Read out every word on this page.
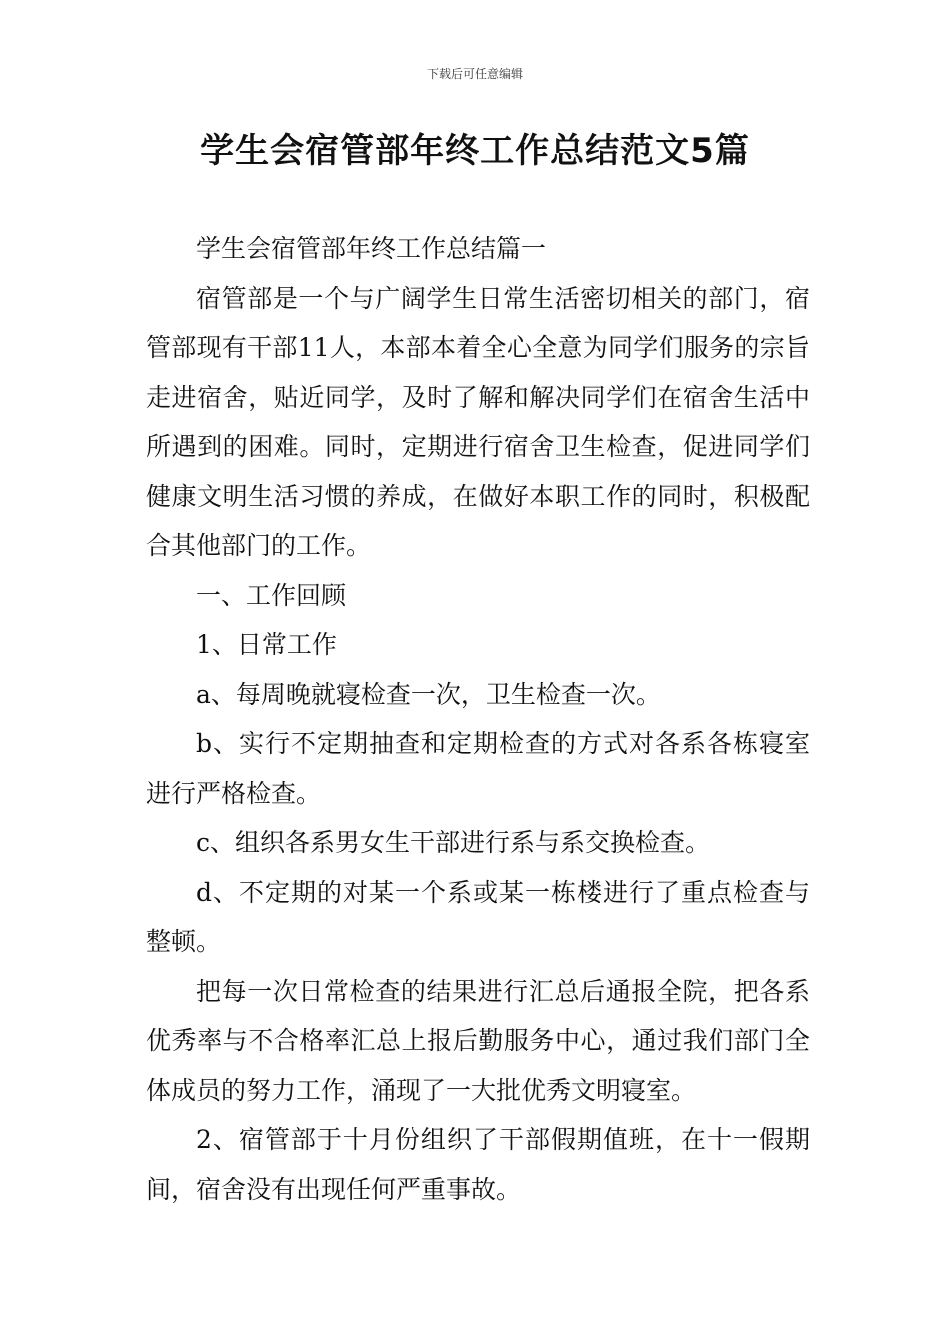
下载后可任意编辑
学生会宿管部年终工作总结范文5篇

学生会宿管部年终工作总结篇一

宿管部是一个与广阔学生日常生活密切相关的部门，宿管部现有干部11人，本部本着全心全意为同学们服务的宗旨走进宿舍，贴近同学，及时了解和解决同学们在宿舍生活中所遇到的困难。同时，定期进行宿舍卫生检查，促进同学们健康文明生活习惯的养成，在做好本职工作的同时，积极配合其他部门的工作。

一、工作回顾

1、日常工作

a、每周晚就寝检查一次，卫生检查一次。

b、实行不定期抽查和定期检查的方式对各系各栋寝室进行严格检查。

c、组织各系男女生干部进行系与系交换检查。

d、不定期的对某一个系或某一栋楼进行了重点检查与整顿。

把每一次日常检查的结果进行汇总后通报全院，把各系优秀率与不合格率汇总上报后勤服务中心，通过我们部门全体成员的努力工作，涌现了一大批优秀文明寝室。

2、宿管部于十月份组织了干部假期值班，在十一假期间，宿舍没有出现任何严重事故。
